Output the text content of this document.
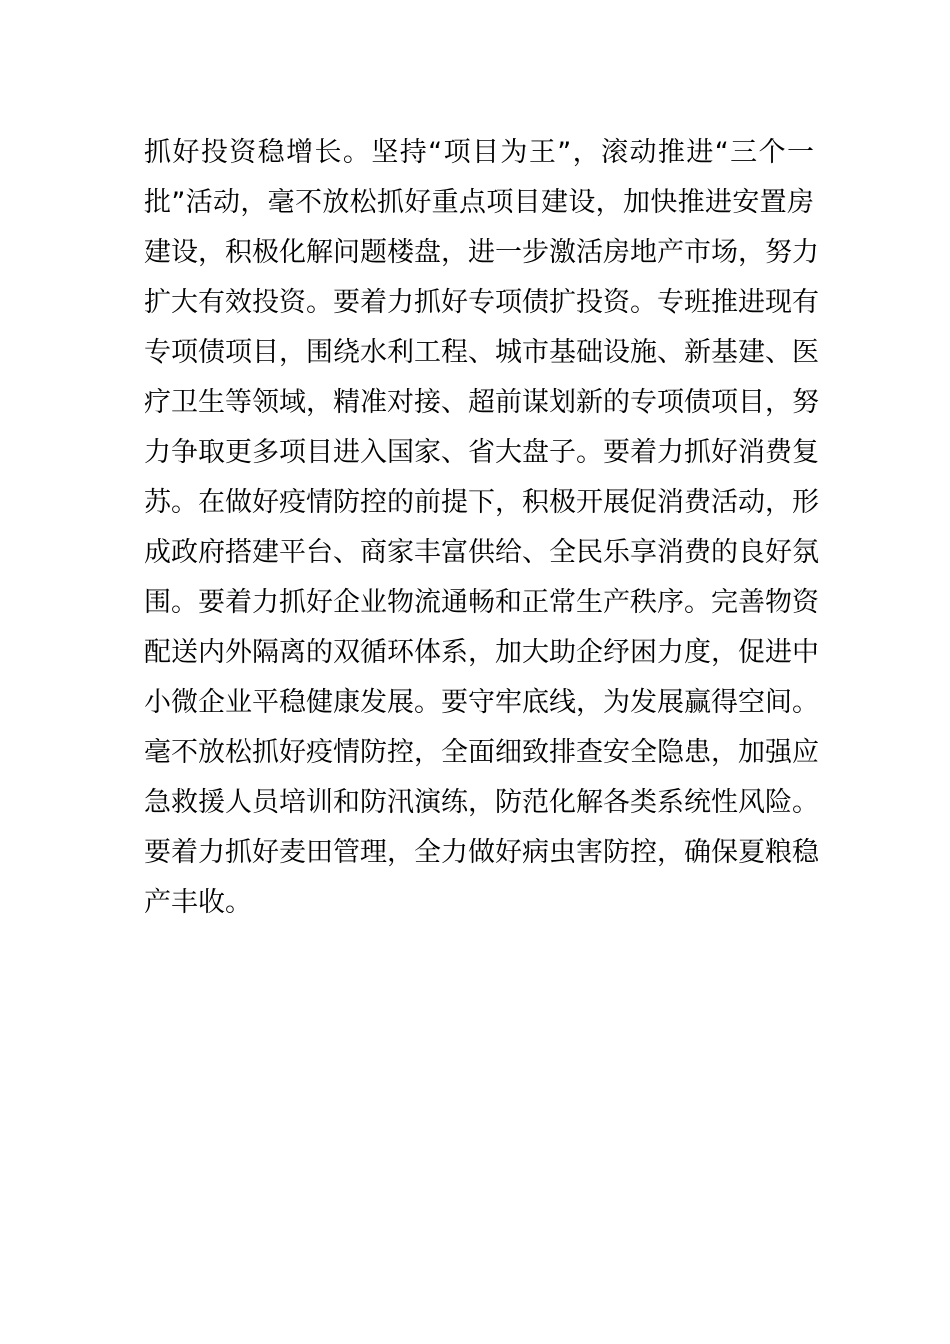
抓好投资稳增长。坚持“项目为王”，滚动推进“三个一
批”活动，毫不放松抓好重点项目建设，加快推进安置房
建设，积极化解问题楼盘，进一步激活房地产市场，努力
扩大有效投资。要着力抓好专项债扩投资。专班推进现有
专项债项目，围绕水利工程、城市基础设施、新基建、医
疗卫生等领域，精准对接、超前谋划新的专项债项目，努
力争取更多项目进入国家、省大盘子。要着力抓好消费复
苏。在做好疫情防控的前提下，积极开展促消费活动，形
成政府搭建平台、商家丰富供给、全民乐享消费的良好氛
围。要着力抓好企业物流通畅和正常生产秩序。完善物资
配送内外隔离的双循环体系，加大助企纾困力度，促进中
小微企业平稳健康发展。要守牢底线，为发展赢得空间。
毫不放松抓好疫情防控，全面细致排查安全隐患，加强应
急救援人员培训和防汛演练，防范化解各类系统性风险。
要着力抓好麦田管理，全力做好病虫害防控，确保夏粮稳
产丰收。
